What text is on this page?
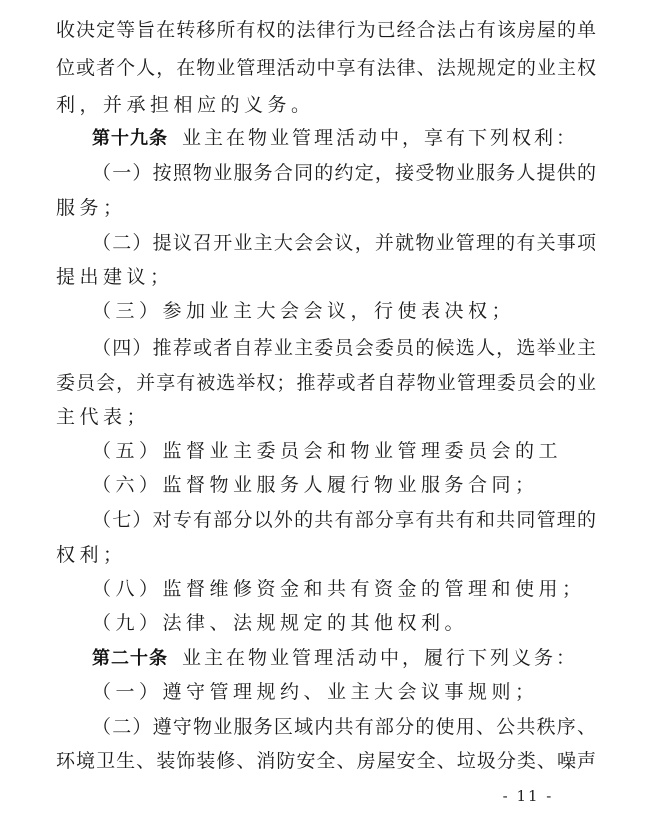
收​决​定​等​旨​在​转​移​所​有​权​的​法​律​行​为​已​经​合​法​占​有​该​房​屋​的​单
位​或​者​个​人​，​在​物​业​管​理​活​动​中​享​有​法​律​、​法​规​规​定​的​业​主​权
利，并承担相应的义务。
第十九条 业主在物业管理活动中，享有下列权利：
（​一​）​按​照​物​业​服​务​合​同​的​约​定​，​接​受​物​业​服​务​人​提​供​的
服务；
（​二​）​提​议​召​开​业​主​大​会​会​议​，​并​就​物​业​管​理​的​有​关​事​项
提出建议；
（三）参加业主大会会议，行使表决权；
（​四​）​推​荐​或​者​自​荐​业​主​委​员​会​委​员​的​候​选​人​，​选​举​业​主
委​员​会​，​并​享​有​被​选​举​权​；​推​荐​或​者​自​荐​物​业​管​理​委​员​会​的​业
主代表；
（五）监督业主委员会和物业管理委员会的工
（六）监督物业服务人履行物业服务合同；
（​七​）​对​专​有​部​分​以​外​的​共​有​部​分​享​有​共​有​和​共​同​管​理​的
权利；
（八）监督维修资金和共有资金的管理和使用；
（九）法律、法规规定的其他权利。
第二十条 业主在物业管理活动中，履行下列义务：
（一）遵守管理规约、业主大会议事规则；
（​二​）​遵​守​物​业​服​务​区​域​内​共​有​部​分​的​使​用​、​公​共​秩​序​、
环​境​卫​生​、​装​饰​装​修​、​消​防​安​全​、​房​屋​安​全​、​垃​圾​分​类​、​噪​声
- 11 -
